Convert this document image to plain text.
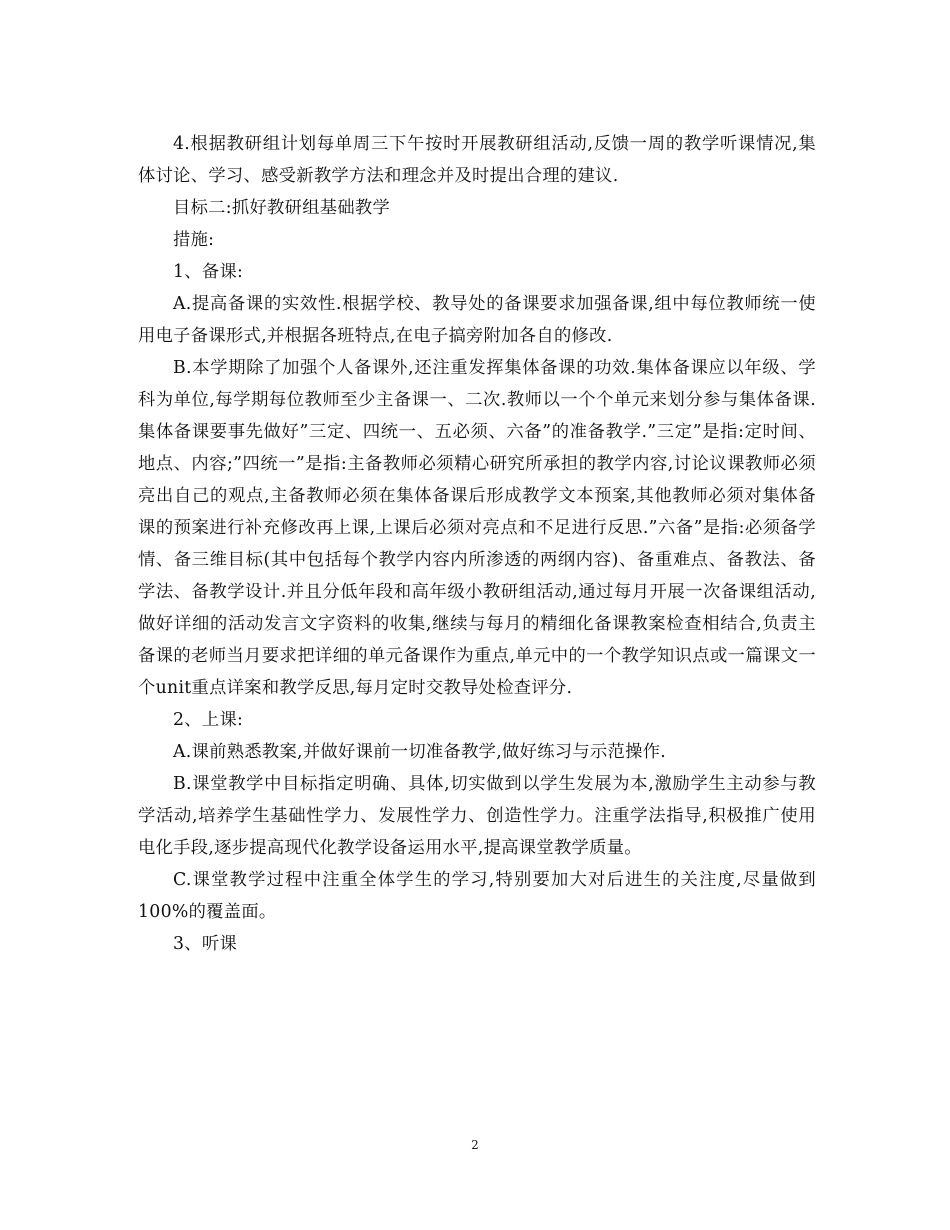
4.根据教研组计划每单周三下午按时开展教研组活动,反馈一周的教学听课情况,集体讨论、学习、感受新教学方法和理念并及时提出合理的建议.

目标二:抓好教研组基础教学

措施:

1、备课:

A.提高备课的实效性.根据学校、教导处的备课要求加强备课,组中每位教师统一使用电子备课形式,并根据各班特点,在电子搞旁附加各自的修改.

B.本学期除了加强个人备课外,还注重发挥集体备课的功效.集体备课应以年级、学科为单位,每学期每位教师至少主备课一、二次.教师以一个个单元来划分参与集体备课.集体备课要事先做好”三定、四统一、五必须、六备”的准备教学.”三定”是指:定时间、地点、内容;”四统一”是指:主备教师必须精心研究所承担的教学内容,讨论议课教师必须亮出自己的观点,主备教师必须在集体备课后形成教学文本预案,其他教师必须对集体备课的预案进行补充修改再上课,上课后必须对亮点和不足进行反思.”六备”是指:必须备学情、备三维目标(其中包括每个教学内容内所渗透的两纲内容)、备重难点、备教法、备学法、备教学设计.并且分低年段和高年级小教研组活动,通过每月开展一次备课组活动,做好详细的活动发言文字资料的收集,继续与每月的精细化备课教案检查相结合,负责主备课的老师当月要求把详细的单元备课作为重点,单元中的一个教学知识点或一篇课文一个unit重点详案和教学反思,每月定时交教导处检查评分.

2、上课:

A.课前熟悉教案,并做好课前一切准备教学,做好练习与示范操作.

B.课堂教学中目标指定明确、具体,切实做到以学生发展为本,激励学生主动参与教学活动,培养学生基础性学力、发展性学力、创造性学力。注重学法指导,积极推广使用电化手段,逐步提高现代化教学设备运用水平,提高课堂教学质量。

C.课堂教学过程中注重全体学生的学习,特别要加大对后进生的关注度,尽量做到100%的覆盖面。

3、听课

2
